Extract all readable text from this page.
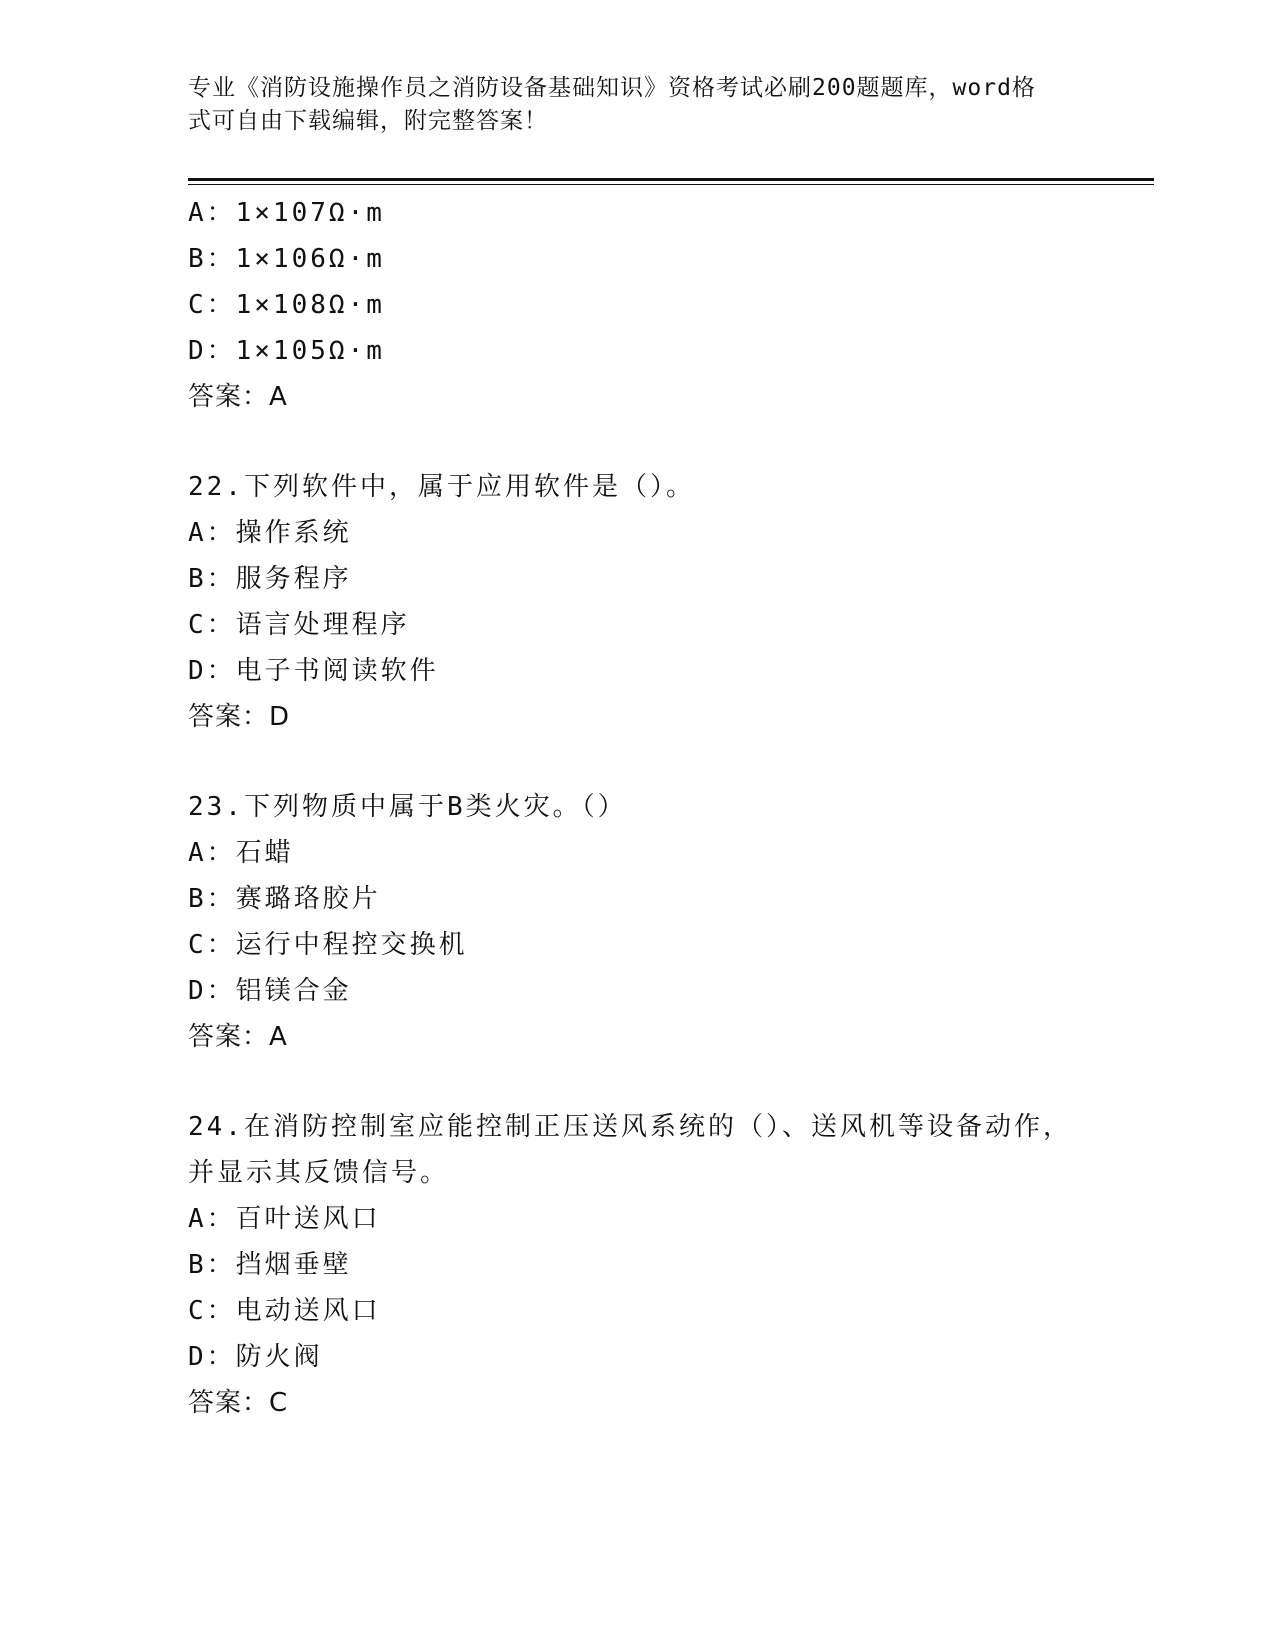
专业《消防设施操作员之消防设备基础知识》资格考试必刷200题题库，word格
式可自由下载编辑，附完整答案！
A：1×107Ω·m
B：1×106Ω·m
C：1×108Ω·m
D：1×105Ω·m
答案：A
22.下列软件中，属于应用软件是（）。
A：操作系统
B：服务程序
C：语言处理程序
D：电子书阅读软件
答案：D
23.下列物质中属于B类火灾。（）
A：石蜡
B：赛璐珞胶片
C：运行中程控交换机
D：铝镁合金
答案：A
24.在消防控制室应能控制正压送风系统的（）、送风机等设备动作，
并显示其反馈信号。
A：百叶送风口
B：挡烟垂壁
C：电动送风口
D：防火阀
答案：C
